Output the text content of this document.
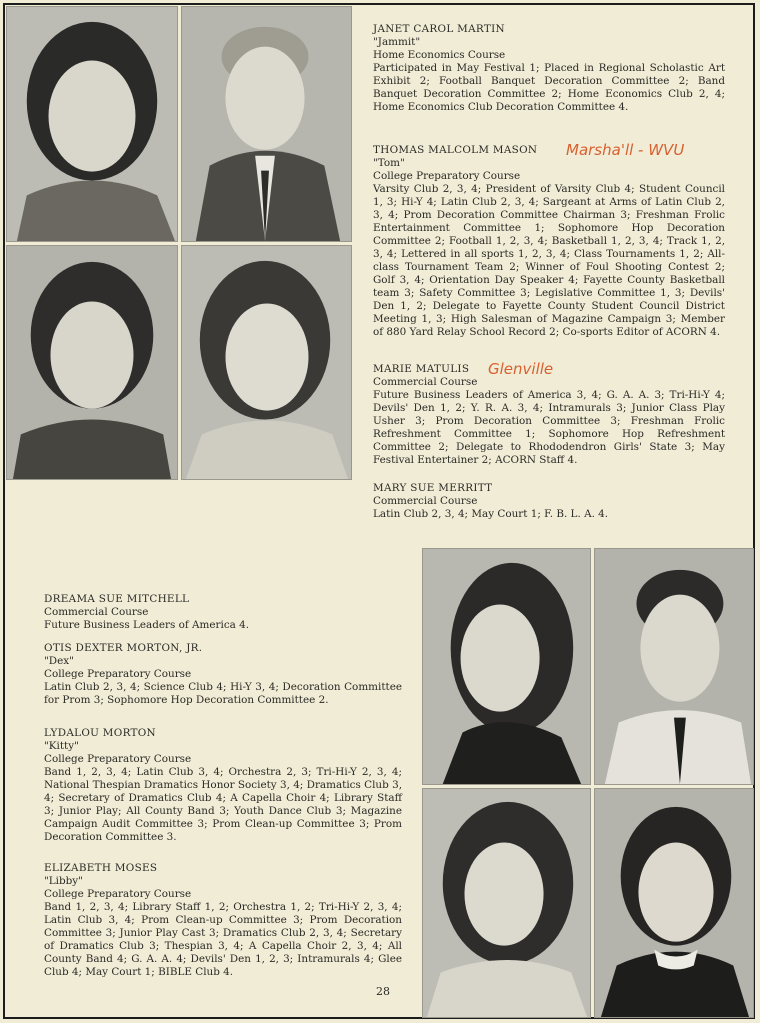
JANET CAROL MARTIN
"Jammit"
Home Economics Course
Participated in May Festival 1; Placed in Regional Scholastic Art Exhibit 2; Football Banquet Decoration Committee 2; Band Banquet Decoration Committee 2; Home Economics Club 2, 4; Home Economics Club Decoration Committee 4.
THOMAS MALCOLM MASON
"Tom"
College Preparatory Course
Varsity Club 2, 3, 4; President of Varsity Club 4; Student Council 1, 3; Hi-Y 4; Latin Club 2, 3, 4; Sargeant at Arms of Latin Club 2, 3, 4; Prom Decoration Committee Chairman 3; Freshman Frolic Entertainment Committee 1; Sophomore Hop Decoration Committee 2; Football 1, 2, 3, 4; Basketball 1, 2, 3, 4; Track 1, 2, 3, 4; Lettered in all sports 1, 2, 3, 4; Class Tournaments 1, 2; All-class Tournament Team 2; Winner of Foul Shooting Contest 2; Golf 3, 4; Orientation Day Speaker 4; Fayette County Basketball team 3; Safety Committee 3; Legislative Committee 1, 3; Devils' Den 1, 2; Delegate to Fayette County Student Council District Meeting 1, 3; High Salesman of Magazine Campaign 3; Member of 880 Yard Relay School Record 2; Co-sports Editor of ACORN 4.
Marsha'll - WVU
MARIE MATULIS
Commercial Course
Future Business Leaders of America 3, 4; G. A. A. 3; Tri-Hi-Y 4; Devils' Den 1, 2; Y. R. A. 3, 4; Intramurals 3; Junior Class Play Usher 3; Prom Decoration Committee 3; Freshman Frolic Refreshment Committee 1; Sophomore Hop Refreshment Committee 2; Delegate to Rhododendron Girls' State 3; May Festival Entertainer 2; ACORN Staff 4.
Glenville
MARY SUE MERRITT
Commercial Course
Latin Club 2, 3, 4; May Court 1; F. B. L. A. 4.
DREAMA SUE MITCHELL
Commercial Course
Future Business Leaders of America 4.
OTIS DEXTER MORTON, JR.
"Dex"
College Preparatory Course
Latin Club 2, 3, 4; Science Club 4; Hi-Y 3, 4; Decoration Committee for Prom 3; Sophomore Hop Decoration Committee 2.
LYDALOU MORTON
"Kitty"
College Preparatory Course
Band 1, 2, 3, 4; Latin Club 3, 4; Orchestra 2, 3; Tri-Hi-Y 2, 3, 4; National Thespian Dramatics Honor Society 3, 4; Dramatics Club 3, 4; Secretary of Dramatics Club 4; A Capella Choir 4; Library Staff 3; Junior Play; All County Band 3; Youth Dance Club 3; Magazine Campaign Audit Committee 3; Prom Clean-up Committee 3; Prom Decoration Committee 3.
ELIZABETH MOSES
"Libby"
College Preparatory Course
Band 1, 2, 3, 4; Library Staff 1, 2; Orchestra 1, 2; Tri-Hi-Y 2, 3, 4; Latin Club 3, 4; Prom Clean-up Committee 3; Prom Decoration Committee 3; Junior Play Cast 3; Dramatics Club 2, 3, 4; Secretary of Dramatics Club 3; Thespian 3, 4; A Capella Choir 2, 3, 4; All County Band 4; G. A. A. 4; Devils' Den 1, 2, 3; Intramurals 4; Glee Club 4; May Court 1; BIBLE Club 4.
28
